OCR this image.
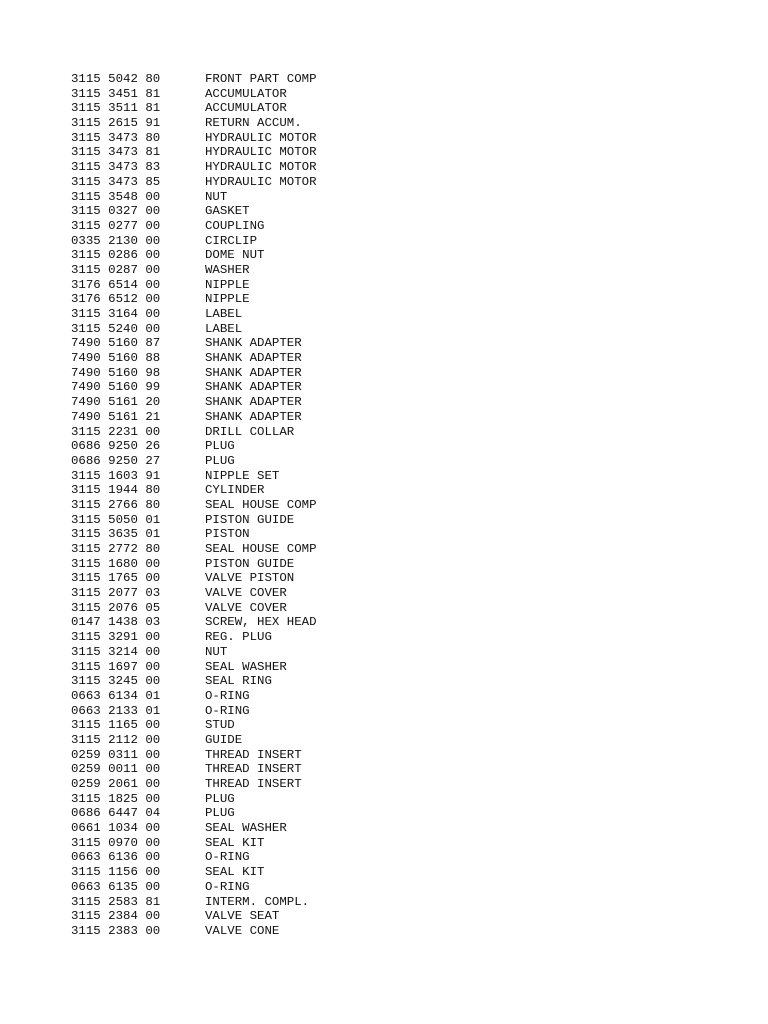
3115 5042 80	FRONT PART COMP
3115 3451 81	ACCUMULATOR
3115 3511 81	ACCUMULATOR
3115 2615 91	RETURN ACCUM.
3115 3473 80	HYDRAULIC MOTOR
3115 3473 81	HYDRAULIC MOTOR
3115 3473 83	HYDRAULIC MOTOR
3115 3473 85	HYDRAULIC MOTOR
3115 3548 00	NUT
3115 0327 00	GASKET
3115 0277 00	COUPLING
0335 2130 00	CIRCLIP
3115 0286 00	DOME NUT
3115 0287 00	WASHER
3176 6514 00	NIPPLE
3176 6512 00	NIPPLE
3115 3164 00	LABEL
3115 5240 00	LABEL
7490 5160 87	SHANK ADAPTER
7490 5160 88	SHANK ADAPTER
7490 5160 98	SHANK ADAPTER
7490 5160 99	SHANK ADAPTER
7490 5161 20	SHANK ADAPTER
7490 5161 21	SHANK ADAPTER
3115 2231 00	DRILL COLLAR
0686 9250 26	PLUG
0686 9250 27	PLUG
3115 1603 91	NIPPLE SET
3115 1944 80	CYLINDER
3115 2766 80	SEAL HOUSE COMP
3115 5050 01	PISTON GUIDE
3115 3635 01	PISTON
3115 2772 80	SEAL HOUSE COMP
3115 1680 00	PISTON GUIDE
3115 1765 00	VALVE PISTON
3115 2077 03	VALVE COVER
3115 2076 05	VALVE COVER
0147 1438 03	SCREW, HEX HEAD
3115 3291 00	REG. PLUG
3115 3214 00	NUT
3115 1697 00	SEAL WASHER
3115 3245 00	SEAL RING
0663 6134 01	O-RING
0663 2133 01	O-RING
3115 1165 00	STUD
3115 2112 00	GUIDE
0259 0311 00	THREAD INSERT
0259 0011 00	THREAD INSERT
0259 2061 00	THREAD INSERT
3115 1825 00	PLUG
0686 6447 04	PLUG
0661 1034 00	SEAL WASHER
3115 0970 00	SEAL KIT
0663 6136 00	O-RING
3115 1156 00	SEAL KIT
0663 6135 00	O-RING
3115 2583 81	INTERM. COMPL.
3115 2384 00	VALVE SEAT
3115 2383 00	VALVE CONE
